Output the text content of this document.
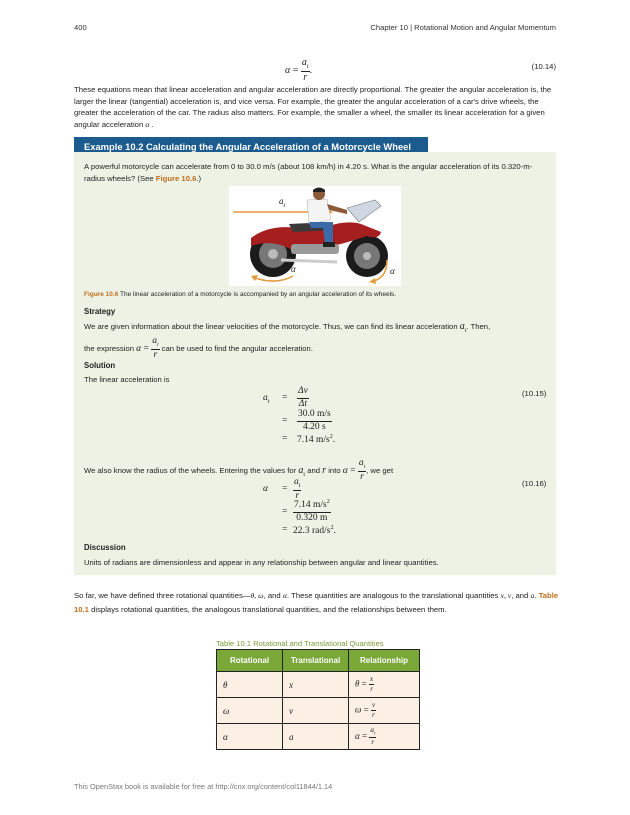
400	Chapter 10 | Rotational Motion and Angular Momentum
$\alpha = \frac{a_t}{r}$ .	(10.14)
These equations mean that linear acceleration and angular acceleration are directly proportional. The greater the angular acceleration is, the larger the linear (tangential) acceleration is, and vice versa. For example, the greater the angular acceleration of a car's drive wheels, the greater the acceleration of the car. The radius also matters. For example, the smaller a wheel, the smaller its linear acceleration for a given angular acceleration α .
Example 10.2 Calculating the Angular Acceleration of a Motorcycle Wheel
A powerful motorcycle can accelerate from 0 to 30.0 m/s (about 108 km/h) in 4.20 s. What is the angular acceleration of its 0.320-m-radius wheels? (See Figure 10.6.)
$a_t$
α	α
Figure 10.6 The linear acceleration of a motorcycle is accompanied by an angular acceleration of its wheels.
Strategy
We are given information about the linear velocities of the motorcycle. Thus, we can find its linear acceleration $a_t$. Then,
the expression $\alpha = \frac{a_t}{r}$ can be used to find the angular acceleration.
Solution
The linear acceleration is
$a_t = \frac{\Delta v}{\Delta t}$
= $\frac{30.0 m/s}{4.20 s}$
= 7.14 $m/s^2$.
(10.15)
We also know the radius of the wheels. Entering the values for $a_t$ and r into $\alpha = \frac{a_t}{r}$ , we get
$\alpha = \frac{a_t}{r}$
= $\frac{7.14 m/s^2}{0.320 m}$
= 22.3 rad/$s^2$.
(10.16)
Discussion
Units of radians are dimensionless and appear in any relationship between angular and linear quantities.
So far, we have defined three rotational quantities—θ, ω, and α. These quantities are analogous to the translational quantities x, v, and a. Table 10.1 displays rotational quantities, the analogous translational quantities, and the relationships between them.
Table 10.1 Rotational and Translational Quantities
Rotational	Translational	Relationship
θ	x	$\theta = \frac{x}{r}$

ω	v	$\omega = \frac{v}{r}$

α	a	$\alpha = \frac{a_t}{r}$
This OpenStax book is available for free at http://cnx.org/content/col11844/1.14
